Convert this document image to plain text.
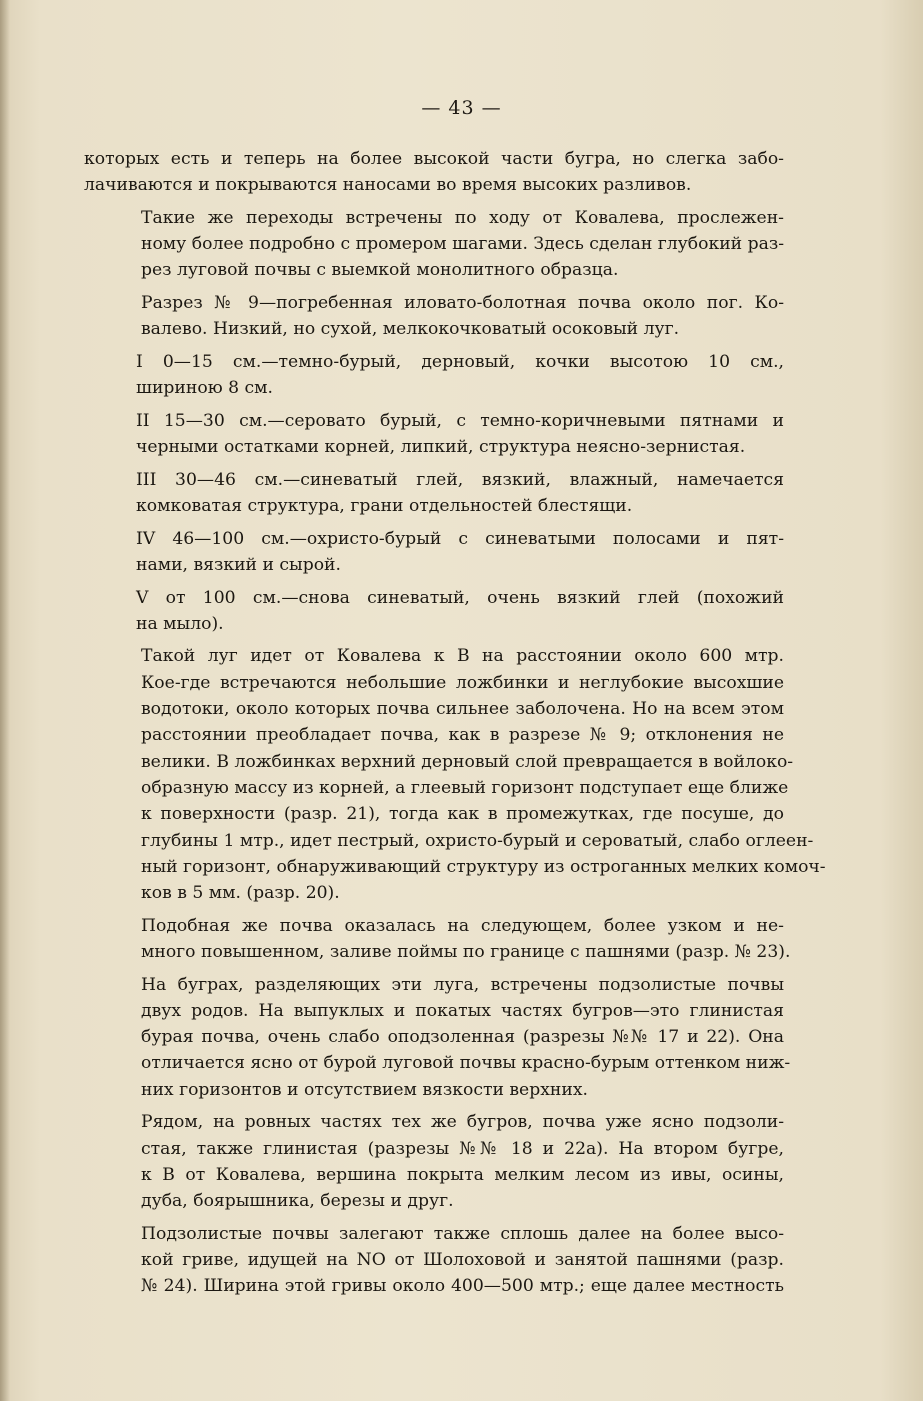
— 43 —

которых есть и теперь на более высокой части бугра, но слегка забо-
лачиваются и покрываются наносами во время высоких разливов.

Такие же переходы встречены по ходу от Ковалева, прослежен-
ному более подробно с промером шагами. Здесь сделан глубокий раз-
рез луговой почвы с выемкой монолитного образца.

Разрез № 9—погребенная иловато-болотная почва около пог. Ко-
валево. Низкий, но сухой, мелкокочковатый осоковый луг.

I 0—15 см.—темно-бурый, дерновый, кочки высотою 10 см.,
шириною 8 см.

II 15—30 см.—серовато бурый, с темно-коричневыми пятнами и
черными остатками корней, липкий, структура неясно-зернистая.

III 30—46 см.—синеватый глей, вязкий, влажный, намечается
комковатая структура, грани отдельностей блестящи.

IV 46—100 см.—охристо-бурый с синеватыми полосами и пят-
нами, вязкий и сырой.

V от 100 см.—снова синеватый, очень вязкий глей (похожий
на мыло).

Такой луг идет от Ковалева к В на расстоянии около 600 мтр.
Кое-где встречаются небольшие ложбинки и неглубокие высохшие
водотоки, около которых почва сильнее заболочена. Но на всем этом
расстоянии преобладает почва, как в разрезе № 9; отклонения не
велики. В ложбинках верхний дерновый слой превращается в войлоко-
образную массу из корней, а глеевый горизонт подступает еще ближе
к поверхности (разр. 21), тогда как в промежутках, где посуше, до
глубины 1 мтр., идет пестрый, охристо-бурый и сероватый, слабо оглеен-
ный горизонт, обнаруживающий структуру из остроганных мелких комоч-
ков в 5 мм. (разр. 20).

Подобная же почва оказалась на следующем, более узком и не-
много повышенном, заливе поймы по границе с пашнями (разр. № 23).

На буграх, разделяющих эти луга, встречены подзолистые почвы
двух родов. На выпуклых и покатых частях бугров—это глинистая
бурая почва, очень слабо оподзоленная (разрезы №№ 17 и 22). Она
отличается ясно от бурой луговой почвы красно-бурым оттенком ниж-
них горизонтов и отсутствием вязкости верхних.

Рядом, на ровных частях тех же бугров, почва уже ясно подзоли-
стая, также глинистая (разрезы №№ 18 и 22а). На втором бугре,
к В от Ковалева, вершина покрыта мелким лесом из ивы, осины,
дуба, боярышника, березы и друг.

Подзолистые почвы залегают также сплошь далее на более высо-
кой гриве, идущей на NO от Шолоховой и занятой пашнями (разр.
№ 24). Ширина этой гривы около 400—500 мтр.; еще далее местность
